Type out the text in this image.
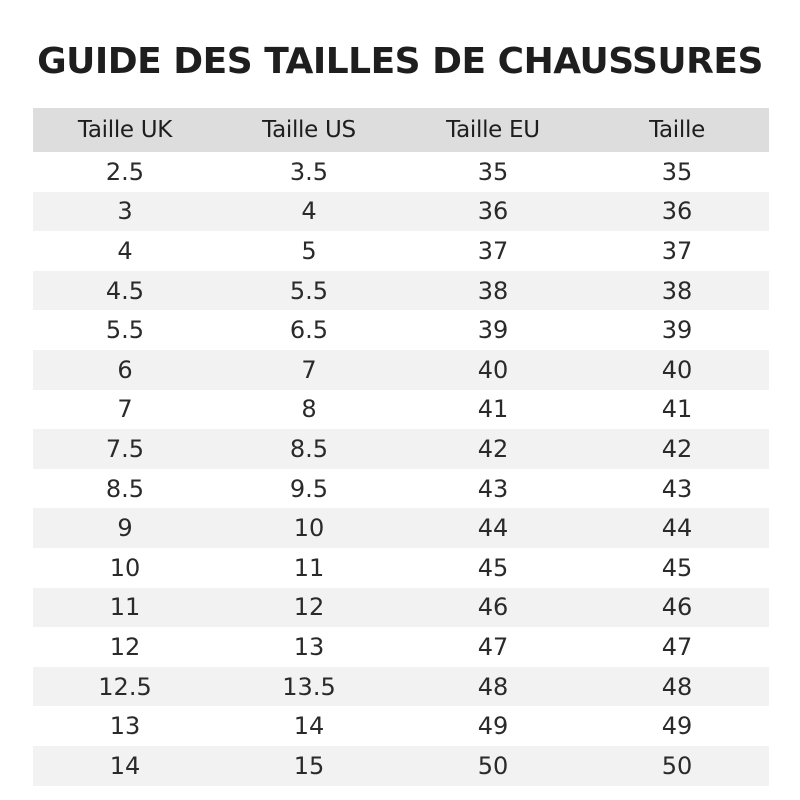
GUIDE DES TAILLES DE CHAUSSURES
Taille UK	Taille US	Taille EU	Taille
2.5	3.5	35	35
3	4	36	36
4	5	37	37
4.5	5.5	38	38
5.5	6.5	39	39
6	7	40	40
7	8	41	41
7.5	8.5	42	42
8.5	9.5	43	43
9	10	44	44
10	11	45	45
11	12	46	46
12	13	47	47
12.5	13.5	48	48
13	14	49	49
14	15	50	50
